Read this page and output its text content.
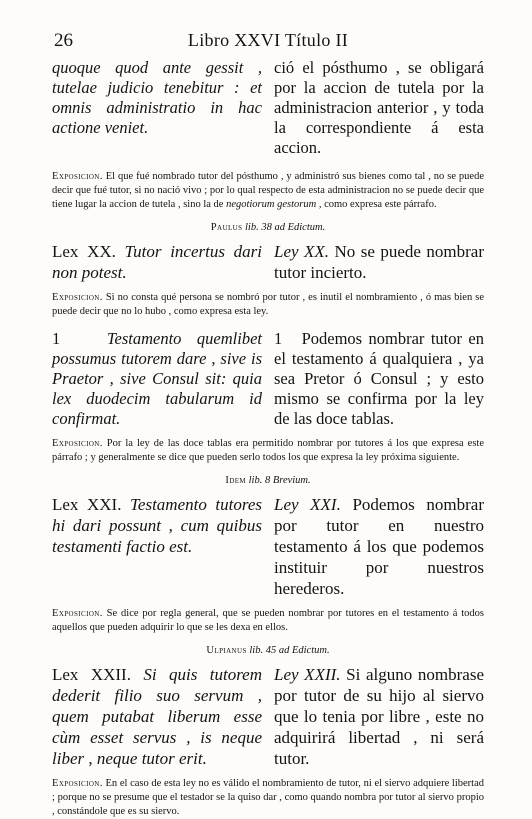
26	Libro XXVI Título II
quoque quod ante gessit , tutelae judicio tenebitur : et omnis administratio in hac actione veniet.
ció el pósthumo , se obligará por la accion de tutela por la administracion anterior , y toda la correspondiente á esta accion.

Exposicion. El que fué nombrado tutor del pósthumo , y administró sus bienes como tal , no se puede decir que fué tutor, si no nació vivo ; por lo qual respecto de esta administracion no se puede decir que tiene lugar la accion de tutela , sino la de negotiorum gestorum , como expresa este párrafo.

Paulus lib. 38 ad Edictum.

Lex XX. Tutor incertus dari non potest.
Ley XX. No se puede nombrar tutor incierto.

Exposicion. Si no consta qué persona se nombró por tutor , es inutil el nombramiento , ó mas bien se puede decir que no lo hubo , como expresa esta ley.

1	Testamento quemlibet possumus tutorem dare , sive is Praetor , sive Consul sit: quia lex duodecim tabularum id confirmat.
1 Podemos nombrar tutor en el testamento á qualquiera , ya sea Pretor ó Consul ; y esto mismo se confirma por la ley de las doce tablas.

Exposicion. Por la ley de las doce tablas era permitido nombrar por tutores á los que expresa este párrafo ; y generalmente se dice que pueden serlo todos los que expresa la ley próxima siguiente.

Idem lib. 8 Brevium.

Lex XXI. Testamento tutores hi dari possunt , cum quibus testamenti factio est.
Ley XXI. Podemos nombrar por tutor en nuestro testamento á los que podemos instituir por nuestros herederos.

Exposicion. Se dice por regla general, que se pueden nombrar por tutores en el testamento á todos aquellos que pueden adquirir lo que se les dexa en ellos.

Ulpianus lib. 45 ad Edictum.

Lex XXII. Si quis tutorem dederit filio suo servum , quem putabat liberum esse cùm esset servus , is neque liber , neque tutor erit.
Ley XXII. Si alguno nombrase por tutor de su hijo al siervo que lo tenia por libre , este no adquirirá libertad , ni será tutor.

Exposicion. En el caso de esta ley no es válido el nombramiento de tutor, ni el siervo adquiere libertad ; porque no se presume que el testador se la quiso dar , como quando nombra por tutor al siervo propio , constándole que es su siervo.
